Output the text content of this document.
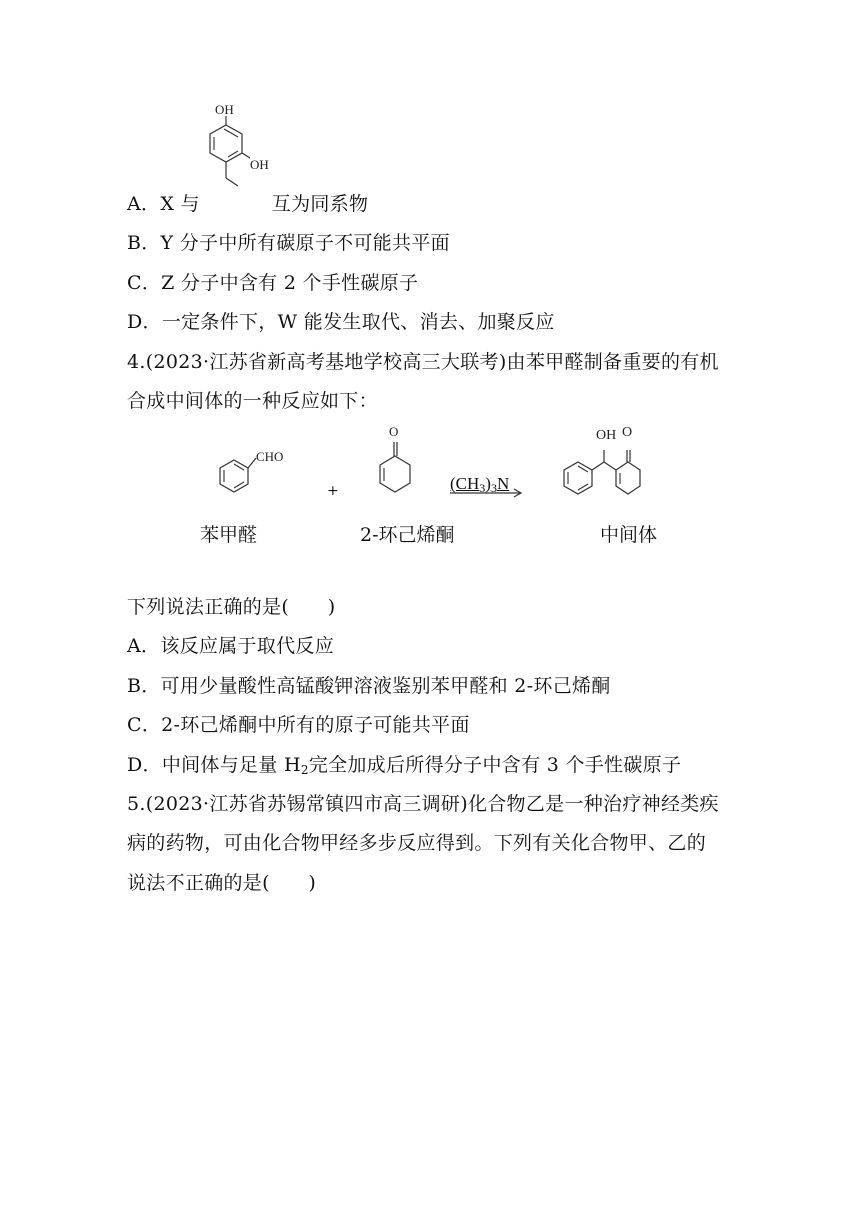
OH
OH
A．X 与	互为同系物
B．Y 分子中所有碳原子不可能共平面
C．Z 分子中含有 2 个手性碳原子
D．一定条件下，W 能发生取代、消去、加聚反应
4.(2023·江苏省新高考基地学校高三大联考)由苯甲醛制备重要的有机
合成中间体的一种反应如下：
CHO
+
O
$(CH_3)_3N$
OH O
苯甲醛	2-环己烯酮	中间体
下列说法正确的是(　　)
A．该反应属于取代反应
B．可用少量酸性高锰酸钾溶液鉴别苯甲醛和 2-环己烯酮
C．2-环己烯酮中所有的原子可能共平面
D．中间体与足量 $H_2$完全加成后所得分子中含有 3 个手性碳原子
5.(2023·江苏省苏锡常镇四市高三调研)化合物乙是一种治疗神经类疾
病的药物，可由化合物甲经多步反应得到。下列有关化合物甲、乙的
说法不正确的是(　　)
